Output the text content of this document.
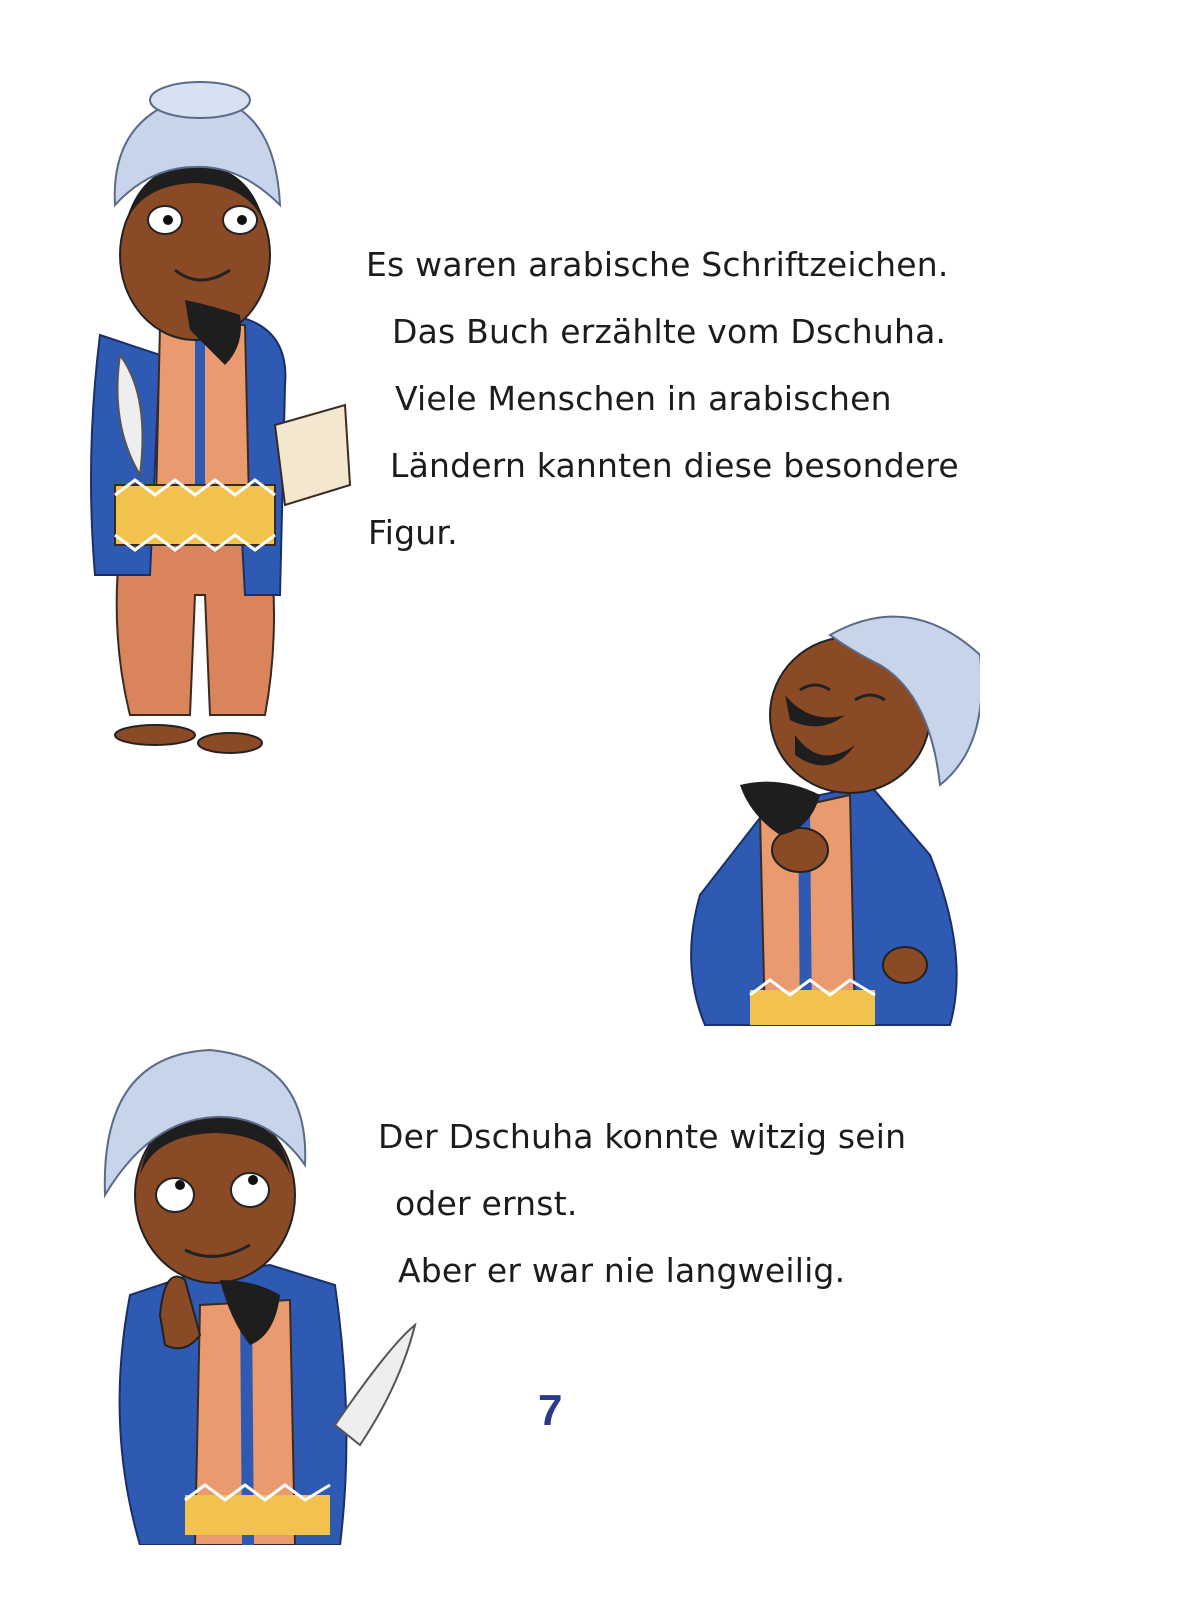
Es waren arabische Schriftzeichen.
Das Buch erzählte vom Dschuha.
Viele Menschen in arabischen
Ländern kannten diese besondere
Figur.
Der Dschuha konnte witzig sein
oder ernst.
Aber er war nie langweilig.
7
